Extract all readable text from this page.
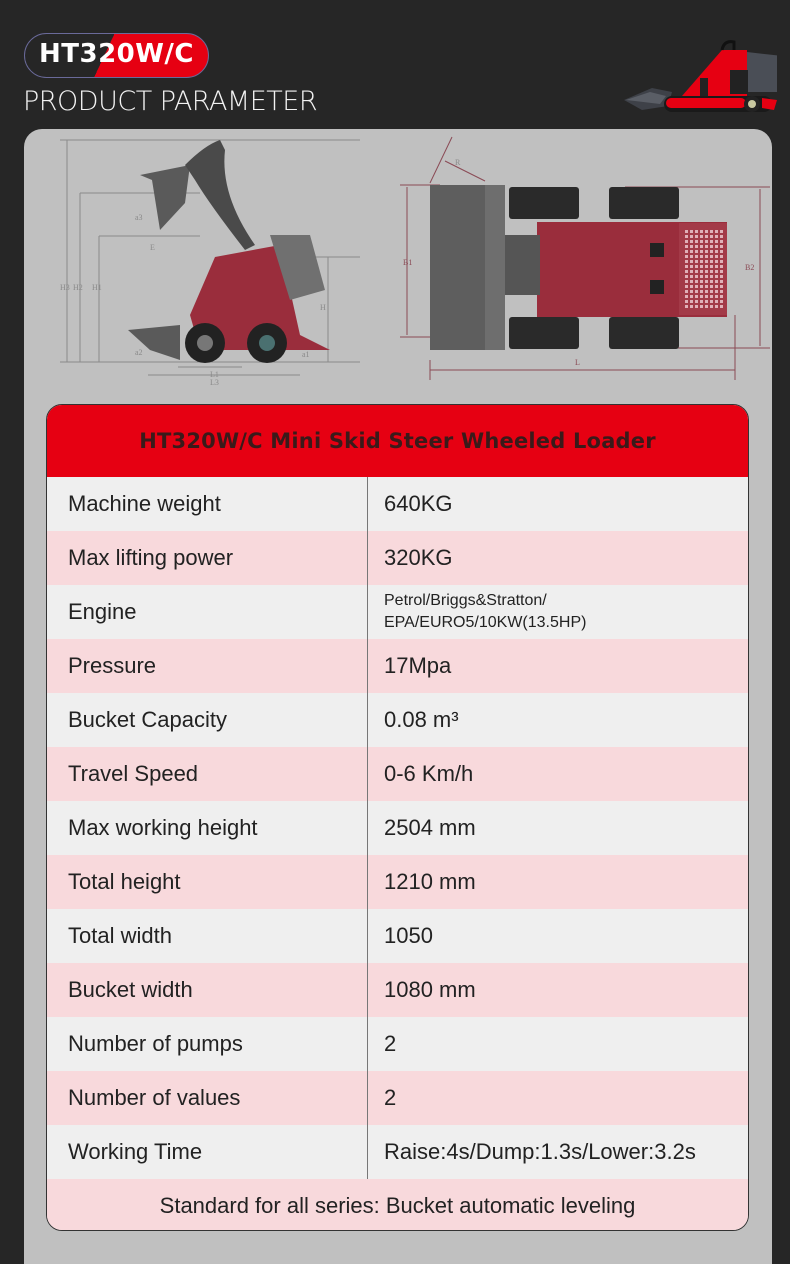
HT320W/C
PRODUCT PARAMETER
H3 H2 H1
H
E
a3
a2	a1
L1
L3
B1
B2
L
R
HT320W/C Mini Skid Steer Wheeled Loader
Machine weight	640KG
Max lifting power	320KG
Engine	Petrol/Briggs&Stratton/
EPA/EURO5/10KW(13.5HP)
Pressure	17Mpa
Bucket Capacity	0.08 m³
Travel Speed	0-6 Km/h
Max working height	2504 mm
Total height	1210 mm
Total width	1050
Bucket width	1080 mm
Number of pumps	2
Number of values	2
Working Time	Raise:4s/Dump:1.3s/Lower:3.2s
Standard for all series: Bucket automatic leveling
